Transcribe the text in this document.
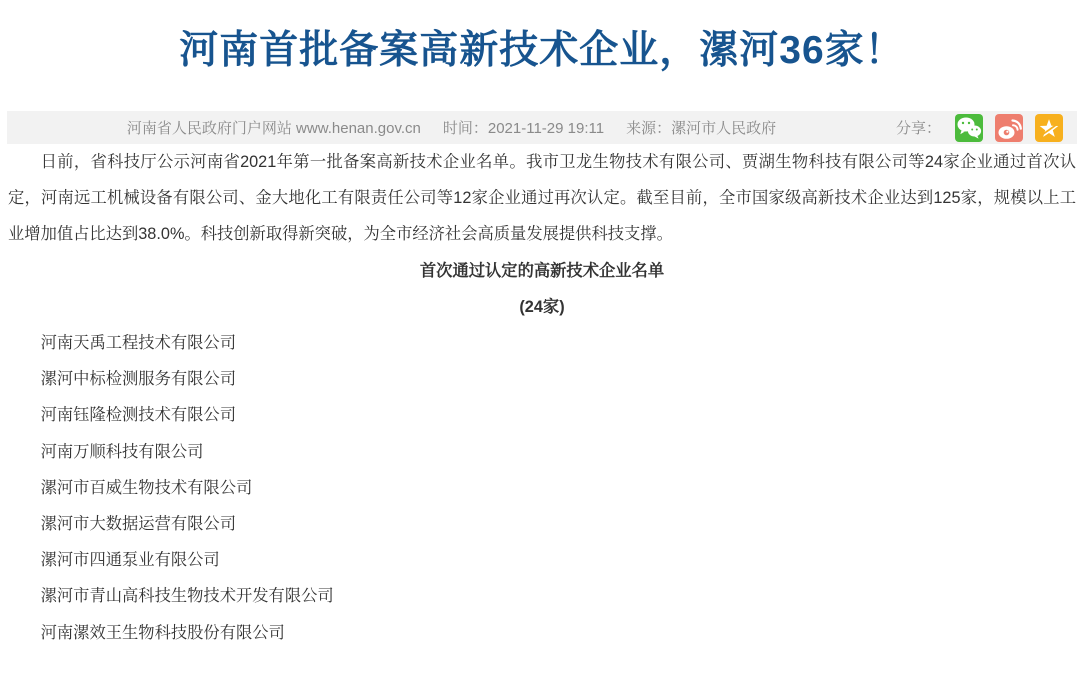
河南首批备案高新技术企业，漯河36家！
河南省人民政府门户网站 www.henan.gov.cn 时间：2021-11-29 19:11 来源：漯河市人民政府	分享：

日前，省科技厅公示河南省2021年第一批备案高新技术企业名单。我市卫龙生物技术有限公司、贾湖生物科技有限公司等24家企业通过首次认定，河南远工机械设备有限公司、金大地化工有限责任公司等12家企业通过再次认定。截至目前，全市国家级高新技术企业达到125家，规模以上工业增加值占比达到38.0%。科技创新取得新突破，为全市经济社会高质量发展提供科技支撑。

首次通过认定的高新技术企业名单

(24家)

河南天禹工程技术有限公司

漯河中标检测服务有限公司

河南钰隆检测技术有限公司

河南万顺科技有限公司

漯河市百威生物技术有限公司

漯河市大数据运营有限公司

漯河市四通泵业有限公司

漯河市青山高科技生物技术开发有限公司

河南漯效王生物科技股份有限公司
